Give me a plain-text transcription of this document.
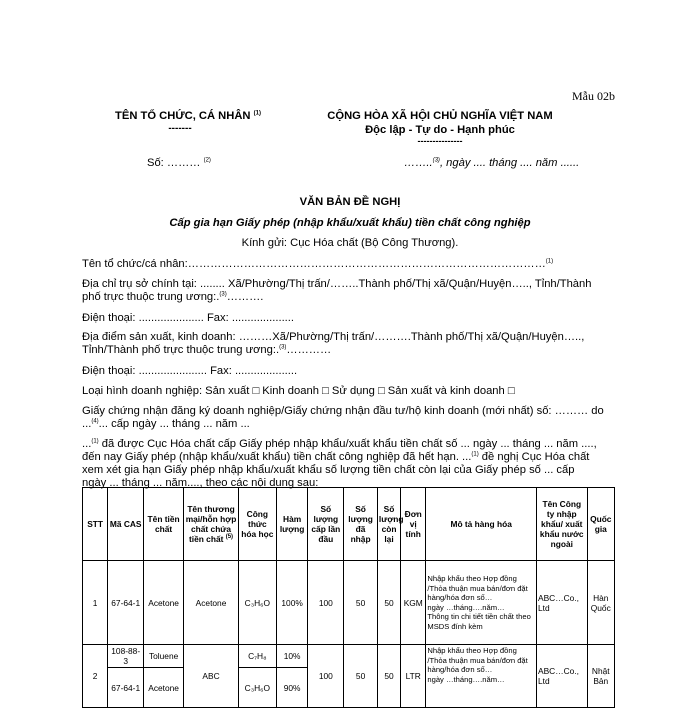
Mẫu 02b
TÊN TỔ CHỨC, CÁ NHÂN $^{(1)}$
-------
CỘNG HÒA XÃ HỘI CHỦ NGHĨA VIỆT NAM
Độc lập - Tự do - Hạnh phúc
---------------
Số: ……… $^{(2)}$	……..$^{(3)}$, ngày .... tháng .... năm ......
VĂN BẢN ĐỀ NGHỊ
Cấp gia hạn Giấy phép (nhập khẩu/xuất khẩu) tiền chất công nghiệp
Kính gửi: Cục Hóa chất (Bộ Công Thương).
Tên tổ chức/cá nhân:……………………………………………………………………………………$^{(1)}$
Địa chỉ trụ sở chính tại: ........ Xã/Phường/Thị trấn/……..Thành phố/Thị xã/Quận/Huyện….., Tỉnh/Thành
phố trực thuộc trung ương:.$^{(3)}$……….
Điện thoại: ..................... Fax: ....................
Địa điểm sản xuất, kinh doanh: ………Xã/Phường/Thị trấn/……….Thành phố/Thị xã/Quận/Huyện…..,
Tỉnh/Thành phố trực thuộc trung ương:.$^{(3)}$…………
Điện thoại: ...................... Fax: ....................
Loại hình doanh nghiệp: Sản xuất □ Kinh doanh □ Sử dụng □ Sản xuất và kinh doanh □
Giấy chứng nhận đăng ký doanh nghiệp/Giấy chứng nhận đầu tư/hộ kinh doanh (mới nhất) số: ……… do
...$^{(4)}$... cấp ngày ... tháng ... năm ...
...$^{(1)}$ đã được Cục Hóa chất cấp Giấy phép nhập khẩu/xuất khẩu tiền chất số ... ngày ... tháng ... năm ....,
đến nay Giấy phép (nhập khẩu/xuất khẩu) tiền chất công nghiệp đã hết hạn. ...$^{(1)}$ đề nghị Cục Hóa chất
xem xét gia hạn Giấy phép nhập khẩu/xuất khẩu số lượng tiền chất còn lại của Giấy phép số ... cấp
ngày ... tháng ... năm...., theo các nội dung sau:
STT	Mã CAS	Tên tiền chất	Tên thương mại/hỗn hợp chất chứa tiền chất $^{(5)}$	Công thức hóa học	Hàm lượng	Số lượng cấp lần đầu	Số lượng đã nhập	Số lượng còn lại	Đơn vị tính	Mô tả hàng hóa	Tên Công ty nhập khẩu/ xuất khẩu nước ngoài	Quốc gia
1	67-64-1	Acetone	Acetone	C₃H₆O	100%	100	50	50	KGM	Nhập khẩu theo Hợp đồng /Thỏa thuận mua bán/đơn đặt hàng/hóa đơn số…
ngày …tháng….năm…
Thông tin chi tiết tiền chất theo MSDS đính kèm	ABC…Co., Ltd	Hàn Quốc
2	108-88-3	Toluene	ABC	C₇H₈	10%	100	50	50	LTR	Nhập khẩu theo Hợp đồng /Thỏa thuận mua bán/đơn đặt hàng/hóa đơn số…
ngày …tháng….năm…	ABC…Co., Ltd	Nhật Bản
	67-64-1	Acetone		C₃H₆O	90%							
